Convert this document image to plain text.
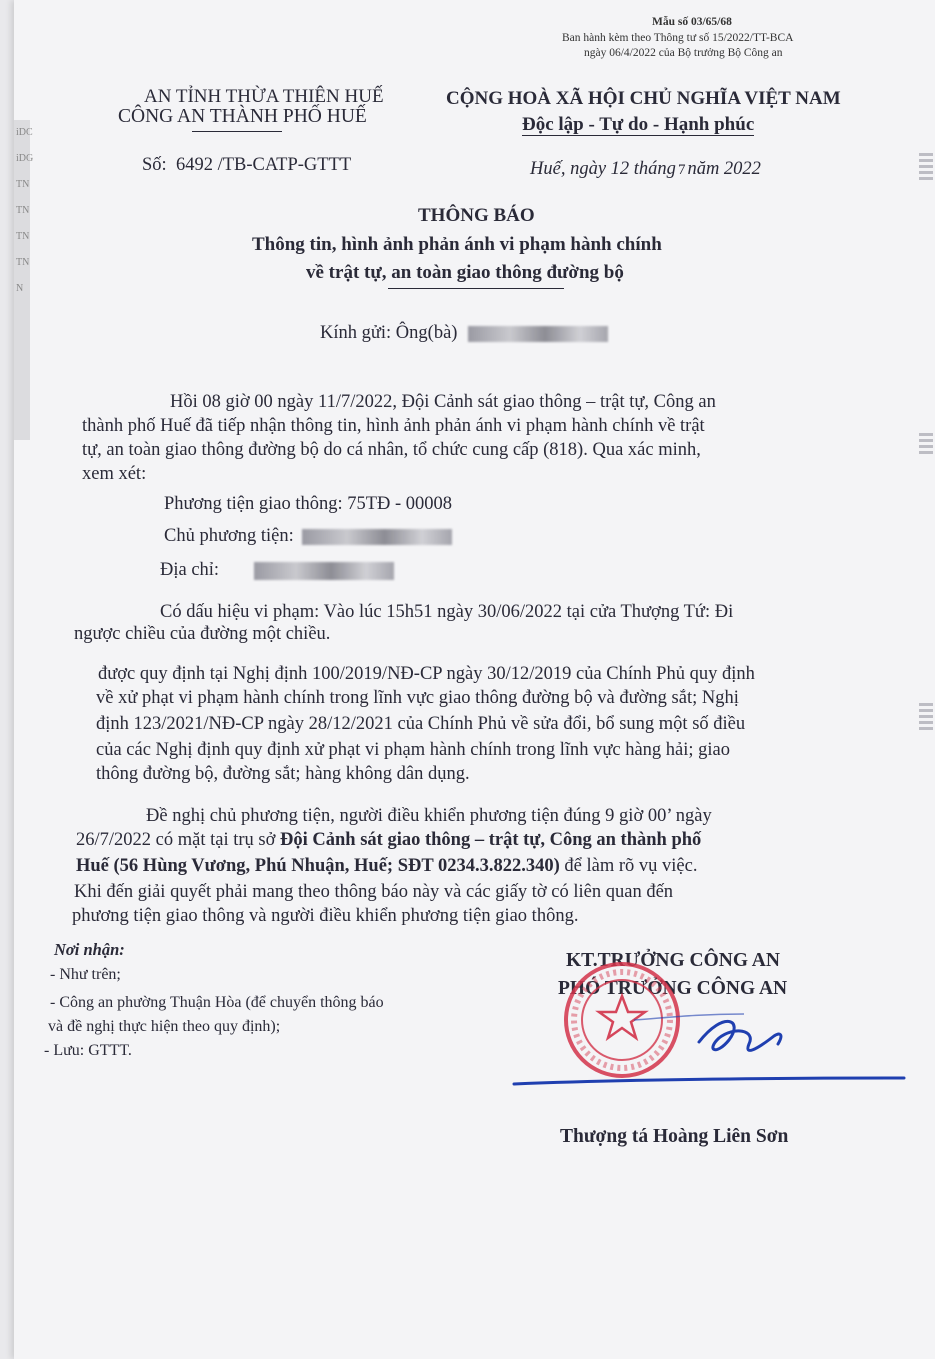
iDC
iDG
TN
TN
TN
TN
N
Mẫu số 03/65/68
Ban hành kèm theo Thông tư số 15/2022/TT-BCA
ngày 06/4/2022 của Bộ trưởng Bộ Công an
AN TỈNH THỪA THIÊN HUẾ
CÔNG AN THÀNH PHỐ HUẾ
Số: 6492 /TB-CATP-GTTT
CỘNG HOÀ XÃ HỘI CHỦ NGHĨA VIỆT NAM
Độc lập - Tự do - Hạnh phúc
Huế, ngày 12 tháng 7 năm 2022
THÔNG BÁO
Thông tin, hình ảnh phản ánh vi phạm hành chính
về trật tự, an toàn giao thông đường bộ
Kính gửi: Ông(bà)
Hồi 08 giờ 00 ngày 11/7/2022, Đội Cảnh sát giao thông – trật tự, Công an
thành phố Huế đã tiếp nhận thông tin, hình ảnh phản ánh vi phạm hành chính về trật
tự, an toàn giao thông đường bộ do cá nhân, tổ chức cung cấp (818). Qua xác minh,
xem xét:
Phương tiện giao thông: 75TĐ - 00008
Chủ phương tiện:
Địa chỉ:
Có dấu hiệu vi phạm: Vào lúc 15h51 ngày 30/06/2022 tại cửa Thượng Tứ: Đi
ngược chiều của đường một chiều.
được quy định tại Nghị định 100/2019/NĐ-CP ngày 30/12/2019 của Chính Phủ quy định
về xử phạt vi phạm hành chính trong lĩnh vực giao thông đường bộ và đường sắt; Nghị
định 123/2021/NĐ-CP ngày 28/12/2021 của Chính Phủ về sửa đổi, bổ sung một số điều
của các Nghị định quy định xử phạt vi phạm hành chính trong lĩnh vực hàng hải; giao
thông đường bộ, đường sắt; hàng không dân dụng.
Đề nghị chủ phương tiện, người điều khiển phương tiện đúng 9 giờ 00’ ngày
26/7/2022 có mặt tại trụ sở Đội Cảnh sát giao thông – trật tự, Công an thành phố
Huế (56 Hùng Vương, Phú Nhuận, Huế; SĐT 0234.3.822.340) để làm rõ vụ việc.
Khi đến giải quyết phải mang theo thông báo này và các giấy tờ có liên quan đến
phương tiện giao thông và người điều khiển phương tiện giao thông.
Nơi nhận:
- Như trên;
- Công an phường Thuận Hòa (để chuyển thông báo
và đề nghị thực hiện theo quy định);
- Lưu: GTTT.
KT.TRƯỞNG CÔNG AN
PHÓ TRƯỞNG CÔNG AN
Thượng tá Hoàng Liên Sơn
